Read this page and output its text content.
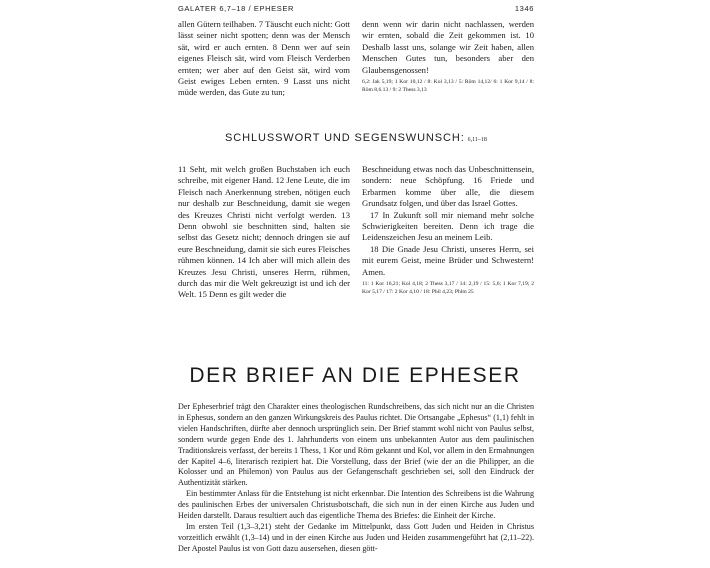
GALATER 6,7–18 / EPHESER	1346

allen Gütern teilhaben. 7 Täuscht euch nicht: Gott lässt seiner nicht spotten; denn was der Mensch sät, wird er auch ernten. 8 Denn wer auf sein eigenes Fleisch sät, wird vom Fleisch Verderben ernten; wer aber auf den Geist sät, wird vom Geist ewiges Leben ernten. 9 Lasst uns nicht müde werden, das Gute zu tun;

denn wenn wir darin nicht nachlassen, werden wir ernten, sobald die Zeit gekommen ist. 10 Deshalb lasst uns, solange wir Zeit haben, allen Menschen Gutes tun, besonders aber den Glaubensgenossen!

6,2: Jak 5,19; 1 Kor 10,12 / 8: Kol 3,13 / 5: Röm 14,12/ 6: 1 Kor 9,14 / 8: Röm 8,6.13 / 9: 2 Thess 3,13
SCHLUSSWORT UND SEGENSWUNSCH: 6,11–18

11 Seht, mit welch großen Buchstaben ich euch schreibe, mit eigener Hand. 12 Jene Leute, die im Fleisch nach Anerkennung streben, nötigen euch nur deshalb zur Beschneidung, damit sie wegen des Kreuzes Christi nicht verfolgt werden. 13 Denn obwohl sie beschnitten sind, halten sie selbst das Gesetz nicht; dennoch dringen sie auf eure Beschneidung, damit sie sich eures Fleisches rühmen können. 14 Ich aber will mich allein des Kreuzes Jesu Christi, unseres Herrn, rühmen, durch das mir die Welt gekreuzigt ist und ich der Welt. 15 Denn es gilt weder die

Beschneidung etwas noch das Unbeschnittensein, sondern: neue Schöpfung. 16 Friede und Erbarmen komme über alle, die diesem Grundsatz folgen, und über das Israel Gottes.

17 In Zukunft soll mir niemand mehr solche Schwierigkeiten bereiten. Denn ich trage die Leidenszeichen Jesu an meinem Leib.

18 Die Gnade Jesu Christi, unseres Herrn, sei mit eurem Geist, meine Brüder und Schwestern! Amen.

11: 1 Kor 16,21; Kol 4,18; 2 Thess 3,17 / 14: 2,19 / 15: 5,6; 1 Kor 7,19; 2 Kor 5,17 / 17: 2 Kor 4,10 / 18: Phil 4,23; Phlm 25
DER BRIEF AN DIE EPHESER

Der Epheserbrief trägt den Charakter eines theologischen Rundschreibens, das sich nicht nur an die Christen in Ephesus, sondern an den ganzen Wirkungskreis des Paulus richtet. Die Ortsangabe „Ephesus“ (1,1) fehlt in vielen Handschriften, dürfte aber dennoch ursprünglich sein. Der Brief stammt wohl nicht von Paulus selbst, sondern wurde gegen Ende des 1. Jahrhunderts von einem uns unbekannten Autor aus dem paulinischen Traditionskreis verfasst, der bereits 1 Thess, 1 Kor und Röm gekannt und Kol, vor allem in den Ermahnungen der Kapitel 4–6, literarisch rezipiert hat. Die Vorstellung, dass der Brief (wie der an die Philipper, an die Kolosser und an Philemon) von Paulus aus der Gefangenschaft geschrieben sei, soll den Eindruck der Authentizität stärken.

Ein bestimmter Anlass für die Entstehung ist nicht erkennbar. Die Intention des Schreibens ist die Wahrung des paulinischen Erbes der universalen Christusbotschaft, die sich nun in der einen Kirche aus Juden und Heiden darstellt. Daraus resultiert auch das eigentliche Thema des Briefes: die Einheit der Kirche.

Im ersten Teil (1,3–3,21) steht der Gedanke im Mittelpunkt, dass Gott Juden und Heiden in Christus vorzeitlich erwählt (1,3–14) und in der einen Kirche aus Juden und Heiden zusammengeführt hat (2,11–22). Der Apostel Paulus ist von Gott dazu ausersehen, diesen gött-
